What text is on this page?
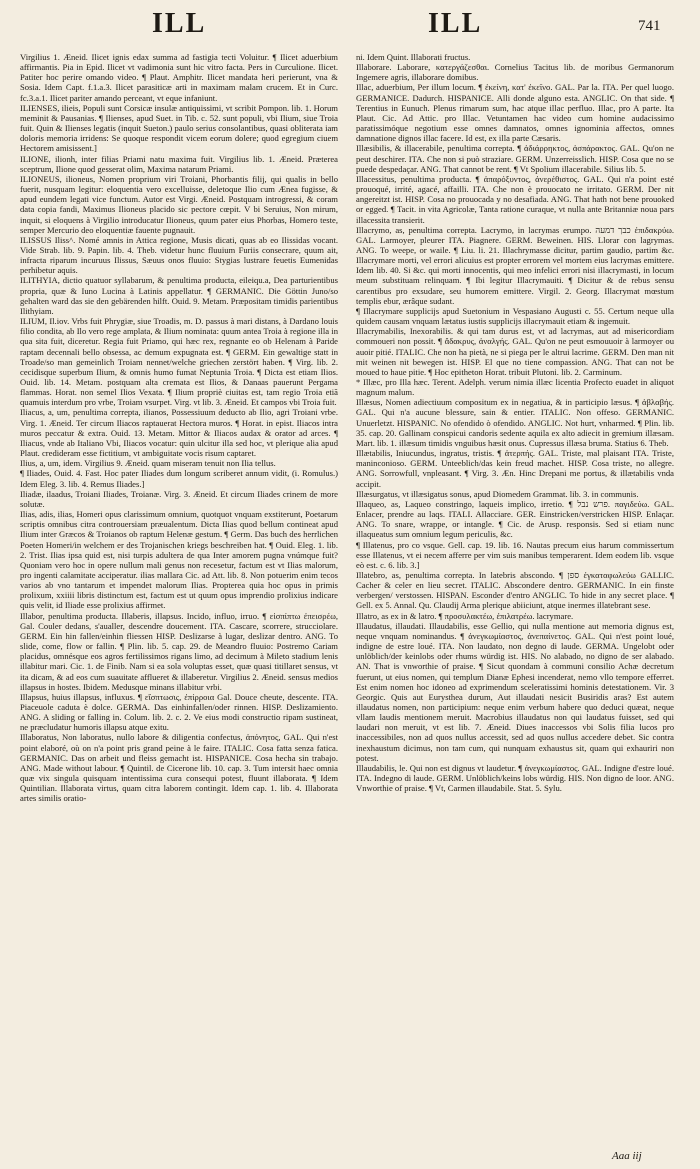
ILL	ILL	741

Virgilius 1. Æneid. Ilicet ignis edax summa ad fastigia tecti Voluitur. ¶ Ilicet aduerbium affirmantis. Pia in Epid. Ilicet vt vadimonia sunt hic vitro facta. Pers in Curculione. Ilicet. Patiter hoc perire omando video. ¶ Plaut. Amphitr. Ilicet mandata heri perierunt, vna & Sosia. Idem Capt. f.1.a.3. Ilicet parasiticæ arti in maximam malam crucem. Et in Curc. fc.3.a.1. Ilicet pariter amando perceant, vt eque infaniunt.

ILIENSES, ilieis, Populi sunt Corsicæ insulæ antiquissimi, vt scribit Pompon. lib. 1. Horum meminit & Pausanias. ¶ Ilienses, apud Suet. in Tib. c. 52. sunt populi, vbi Ilium, siue Troia fuit. Quin & Ilienses legatis (inquit Sueton.) paulo serius consolantibus, quasi obliterata iam doloris memoria irridens: Se quoque respondit vicem eorum dolere; quod egregium ciuem Hectorem amisissent.]

ILIONE, ilionh, inter filias Priami natu maxima fuit. Virgilius lib. 1. Æneid. Præterea sceptrum, Ilione quod gesserat olim, Maxima natarum Priami.

ILIONEUS, ilioneus, Nomen proprium viri Troiani, Phorbantis filij, qui qualis in bello fuerit, nusquam legitur: eloquentia vero excelluisse, deletoque Ilio cum Ænea fugisse, & apud eundem legati vice functum. Autor est Virgi. Æneid. Postquam introgressi, & coram data copia fandi, Maximus Ilioneus placido sic pectore cœpit. V bi Seruius, Non mirum, inquit, si eloquens à Virgilio introducatur Ilioneus, quum pater eius Phorbas, Homero teste, semper Mercurio deo eloquentiæ fauente pugnauit.

ILISSUS Iliss^. Nomé amnis in Attica regione, Musis dicati, quas ab eo Ilissidas vocant. Vide Strab. lib. 9. Papin. lib. 4. Theb. videtur hunc fluuium Furiis consecrare, quum ait, infracta riparum incuruus Ilissus, Sæuus onos fluuio: Stygias lustrare feuetis Eumenidas perhibetur aquis.

ILITHYIA, dictio quatuor syllabarum, & penultima producta, eileiqu.a, Dea parturientibus propria, quæ & Iuno Lucina à Latinis appellatur. ¶ GERMANIC. Die Göttin Juno/so gehalten ward das sie den gebärenden hilft. Ouid. 9. Metam. Præpositam timidis parientibus Ilithyiam.

ILIUM, Il.iov. Vrbs fuit Phrygiæ, siue Troadis, m. D. passus à mari distans, à Dardano louis filio condita, ab Ilo vero rege amplata, & Ilium nominata: quum antea Troia à regione illa in qua sita fuit, diceretur. Regia fuit Priamo, qui hæc rex, regnante eo ob Helenam à Paride raptam decennali bello obsessa, ac demum expugnata est. ¶ GERM. Ein gewaltige statt in Troade/so man gemeinlich Troiam nennet/welche griechen zerstört haben. ¶ Virg. lib. 2. cecidisque superbum Ilium, & omnis humo fumat Neptunia Troia. ¶ Dicta est etiam Ilios. Ouid. lib. 14. Metam. postquam alta cremata est Ilios, & Danaas pauerunt Pergama flammas. Horat. non semel Ilios Vexata. ¶ Ilium propriè ciuitas est, tam regio Troia etiã quamuis interdum pro vrbe, Troiam vsurpet. Virg. vt lib. 3. Æneid. Et campos vbi Troia fuit.

Iliacus, a, um, penultima correpta, ilianos, Possessiuum deducto ab Ilio, agri Troiani vrbe. Virg. 1. Æneid. Ter circum Iliacos raptauerat Hectora muros. ¶ Horat. in epist. Iliacos intra muros peccatur & extra. Ouid. 13. Metam. Mittor & Iliacos audax & orator ad arces. ¶ Iliacus, vnde ab Italiano Vbi, Iliacos vocatur: quin ulcitur illa sed hoc, vt plerique alia apud Plaut. credideram esse fictitium, vt ambiguitate vocis risum captaret.

Ilius, a, um, idem. Virgilius 9. Æneid. quam miseram tenuit non Ilia tellus.

¶ Iliades, Ouid. 4. Fast. Hoc pater Iliades dum longum scriberet annum vidit, (i. Romulus.) Idem Eleg. 3. lib. 4. Remus Iliades.]

Iliadæ, ilaadus, Troiani Iliades, Troianæ. Virg. 3. Æneid. Et circum Iliades crinem de more solutæ.

Ilias, adis, ilias, Homeri opus clarissimum omnium, quotquot vnquam exstiterunt, Poetarum scriptis omnibus citra controuersiam præualentum. Dicta Ilias quod bellum contineat apud Ilium inter Græcos & Troianos ob raptum Helenæ gestum. ¶ Germ. Das buch des herrlichen Poeten Homeri/in welchem er des Trojanischen kriegs beschreiben hat. ¶ Ouid. Eleg. 1. lib. 2. Trist. Ilias ipsa quid est, nisi turpis adultera de qua Inter amorem pugna vnúmque fuit? Quoniam vero hoc in opere nullum mali genus non recesetur, factum est vt Ilias malorum, pro ingenti calamitate acciperatur. ilias mallara Cic. ad Att. lib. 8. Non potuerim enim tecos varios ab vno tantarum et impendet malorum Ilias. Propterea quia hoc opus in primis prolixum, xxiiii libris distinctum est, factum est ut quum opus imprendio prolixius indicare quis velit, id Iliade esse prolixius affirmet.

Illabor, penultima producta. Illaberis, illapsus. Incido, influo, irruo. ¶ εἰσπίπτω ἐπεισρέω, Gal. Couler dedans, s'aualler, descendre doucement. ITA. Cascare, scorrere, strucciolare. GERM. Ein hin fallen/einhin fliessen HISP. Deslizarse à lugar, deslizar dentro. ANG. To slide, come, flow or fallin. ¶ Plin. lib. 5. cap. 29. de Meandro fluuio: Postremo Cariam placidus, omnésque eos agros fertilissimos rigans limo, ad decimum à Mileto stadium lenis illabitur mari. Cic. 1. de Finib. Nam si ea sola voluptas esset, quæ quasi titillaret sensus, vt ita dicam, & ad eos cum suauitate afflueret & illaberetur. Virgilius 2. Æneid. sensus medios illapsus in hostes. Ibidem. Medusque minans illabitur vrbi.

Illapsus, huius illapsus, influxus. ¶ εἴσπτωσις, ἐπίρροια Gal. Douce cheute, descente. ITA. Piaceuole caduta è dolce. GERMA. Das einhinfallen/oder rinnen. HISP. Deslizamiento. ANG. A sliding or falling in. Colum. lib. 2. c. 2. Ve eius modi constructio ripam sustineat, ne præcludatur humoris illapsu atque exitu.

Illaboratus, Non laboratus, nullo labore & diligentia confectus, ἀπόνητος, GAL. Qui n'est point elaboré, où on n'a point pris grand peine à le faire. ITALIC. Cosa fatta senza fatica. GERMANIC. Das on arbeit und fleiss gemacht ist. HISPANICE. Cosa hecha sin trabajo. ANG. Made without labour. ¶ Quintil. de Cicerone lib. 10. cap. 3. Tum intersit haec omnia quæ vix singula quisquam intentissima cura consequi potest, fluunt illaborata. ¶ Idem Quintilian. Illaborata virtus, quam citra laborem contingit. Idem cap. 1. lib. 4. Illaborata artes similis oratio-

ni. Idem Quint. Illaborati fructus.

Illaborare. Laborare, κατεργάζεσθαι. Cornelius Tacitus lib. de moribus Germanorum Ingemere agris, illaborare domibus.

Illac, aduerbium, Per illum locum. ¶ ἐκείνη, κατ' ἐκεῖνο. GAL. Par la. ITA. Per quel luogo. GERMANICE. Dadurch. HISPANICE. Alli donde alguno esta. ANGLIC. On that side. ¶ Terentius in Eunuch. Plenus rimarum sum, hac atque illac perfluo. Illac, pro A parte. Ita Plaut. Cic. Ad Attic. pro Illac. Vetuntamen hac video cum homine audacissimo paratissimóque negotium esse omnes damnatos, omnes ignominia affectos, omnes damnatione dignos illac facere. Id est, ex illa parte Cæsaris.

Illæsibilis, & illacerabile, penultima correpta. ¶ ἀδιάρρηκτος, ἀσπάρακτος. GAL. Qu'on ne peut deschirer. ITA. Che non si può straziare. GERM. Unzerreisslich. HISP. Cosa que no se puede despedaçar. ANG. That cannot be rent. ¶ Vt Spolium illacerabile. Silius lib. 5.

Illacessitus, penultima producta. ¶ ἀπαρόξυντος, ἀνερέθιστος. GAL. Qui n'a point esté prouoqué, irrité, agacé, affailli. ITA. Che non è prouocato ne irritato. GERM. Der nit angereitzt ist. HISP. Cosa no prouocada y no desafiada. ANG. That hath not bene prouoked or egged. ¶ Tacit. in vita Agricolæ, Tanta ratione curaque, vt nulla ante Britanniæ noua pars illacessita transierit.

Illacrymo, as, penultima correpta. Lacrymo, in lacrymas erumpo. כבך דמעה ἐπιδακρύω. GAL. Larmoyer, pleurer ITA. Piagnere. GERM. Beweinen. HIS. Llorar con lagrymas. ANG. To weepe, or waile. ¶ Liu. li. 21. Illachrymasse dicitur, partim gaudio, partim &c. Illacrymare morti, vel errori alicuius est propter errorem vel mortem eius lacrymas emittere. Idem lib. 40. Si &c. qui morti innocentis, qui meo infelici errori nisi illacrymasti, in locum meum substituam relinquam. ¶ Ibi legitur Illacrymauiti. ¶ Dicitur & de rebus sensu carentibus pro exsudare, seu humorem emittere. Virgil. 2. Georg. Illacrymat mœstum templis ebur, ærâque sudant.

¶ Illacrymare supplicijs apud Suetonium in Vespasiano Augusti c. 55. Certum neque ulla quidem causam vnquam lætatus iustis supplicijs illacrymauit etiam & ingemuit.

Illacrymabilis, Inexorabilis. & qui tam durus est, vt ad lacrymas, aut ad misericordiam commoueri non possit. ¶ ἄδακρυς, ἀναλγής. GAL. Qu'on ne peut esmouuoir à larmoyer ou auoir pitié. ITALIC. Che non ha pietà, ne si piega per le altrui lacrime. GERM. Den man nit mit weinen nit bewegen ist. HISP. El que no tiene compassion. ANG. That can not be moued to haue pitie. ¶ Hoc epitheton Horat. tribuit Plutoni. lib. 2. Carminum.

* Illæc, pro Illa hæc. Terent. Adelph. verum nimia illæc licentia Profecto euadet in aliquot magnum malum.

Illæsus, Nomen adiectiuum compositum ex in negatiua, & in participio læsus. ¶ ἀβλαβής. GAL. Qui n'a aucune blessure, sain & entier. ITALIC. Non offeso. GERMANIC. Unuerletzt. HISPANIC. No ofendido ò ofendido. ANGLIC. Not hurt, vnharmed. ¶ Plin. lib. 35. cap. 20. Gallinam conspicui candoris sedente aquila ex alto adiecit in gremium illæsam. Mart. lib. 1. illæsum timidis vnguibus hæsit onus. Cupressus illæsa bruma. Statius 6. Theb.

Illætabilis, Iniucundus, ingratus, tristis. ¶ ἀτερπής. GAL. Triste, mal plaisant ITA. Triste, maninconioso. GERM. Unteeblich/das kein freud machet. HISP. Cosa triste, no allegre. ANG. Sorrowfull, vnpleasant. ¶ Virg. 3. Æn. Hinc Drepani me portus, & illætabilis vnda accipit.

Illæsurgatus, vt illæsigatus sonus, apud Diomedem Grammat. lib. 3. in communis.

Illaqueo, as, Laqueo constringo, laqueis implico, irretio. ¶ פרש נבל. παγιδεύω. GAL. Enlacer, prendre au laqs. ITALI. Allacciare. GER. Einstricken/verstricken HISP. Enlaçar. ANG. To snare, wrappe, or intangle. ¶ Cic. de Arusp. responsis. Sed si etiam nunc illaqueatus sum omnium legum periculis, &c.

¶ Illatenus, pro co vsque. Gell. cap. 19. lib. 16. Nautas precum eius harum commissertum esse Illatenus, vt ei necem afferre per vim suis manibus temperarent. Idem eodem lib. vsque eò est. c. 6. lib. 3.]

Illatebro, as, penultima correpta. In latebris abscondo. ¶ ספן ἐγκαταφωλεύω GALLIC. Cacher & celer en lieu secret. ITALIC. Abscondere dentro. GERMANIC. In ein finste verbergen/ verstossen. HISPAN. Esconder d'entro ANGLIC. To hide in any secret place. ¶ Gell. ex 5. Annal. Qu. Claudij Arma plerique abiiciunt, atque inermes illatebrant sese.

Illatro, as ex in & latro. ¶ προσυλακτέω, ἐπιλατρέω. lacrymare.

Illaudatus, illaudati. Illaudabilis, esse Gellio, qui nulla mentione aut memoria dignus est, neque vnquam nominandus. ¶ ἀνεγκωμίαστος, ἀνεπαίνετος. GAL. Qui n'est point loué, indigne de estre loué. ITA. Non laudato, non degno di laude. GERMA. Ungelobt oder unlöblich/der keinlobs oder rhums würdig ist. HIS. No alabado, no digno de ser alabado. AN. That is vnworthie of praise. ¶ Sicut quondam à communi consilio Achæ decretum fuerunt, ut eius nomen, qui templum Dianæ Ephesi incenderat, nemo vllo tempore efferret. Est enim nomen hoc idoneo ad exprimendum sceleratissimi hominis detestationem. Vir. 3 Georgic. Quis aut Eurysthea durum, Aut illaudati nesicit Busiridis aras? Est autem illaudatus nomen, non participium: neque enim verbum habere quo deduci quæat, neque vllam laudis mentionem meruit. Macrobius illaudatus non qui laudatus fuisset, sed qui laudari non meruit, vt est lib. 7. Æneid. Diues inaccessos vbi Solis filia lucos pro inaccessibiles, non ad quos nullus accessit, sed ad quos nullus accedere debet. Sic contra inexhaustum dicimus, non tam cum, qui nunquam exhaustus sit, quam qui exhauriri non potest.

Illaudabilis, le. Qui non est dignus vt laudetur. ¶ ἀνεγκωμίαστος. GAL. Indigne d'estre loué. ITA. Indegno di laude. GERM. Unlöblich/keins lobs würdig. HIS. Non digno de loor. ANG. Vnworthie of praise. ¶ Vt, Carmen illaudabile. Stat. 5. Sylu.

Aaa iij
